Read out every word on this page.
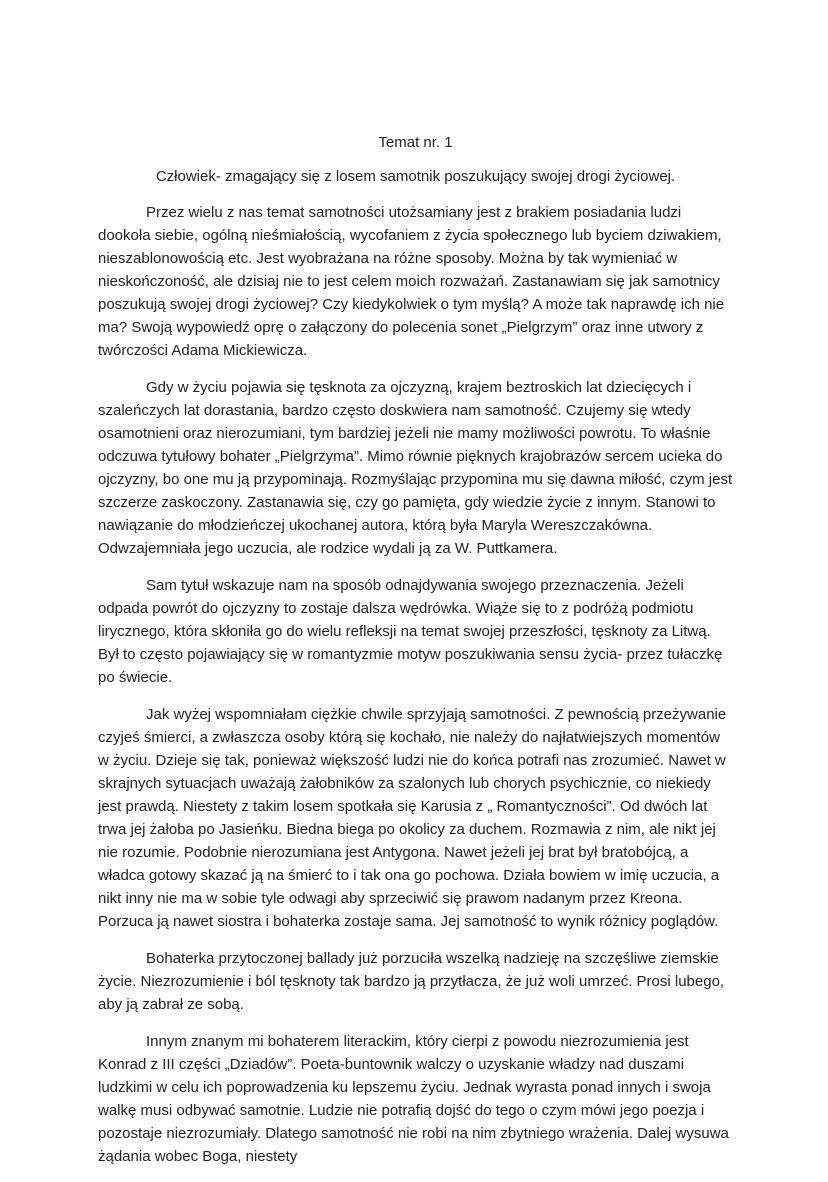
Temat nr. 1
Człowiek- zmagający się z losem samotnik poszukujący swojej drogi życiowej.

Przez wielu z nas temat samotności utożsamiany jest z brakiem posiadania ludzi dookoła siebie, ogólną nieśmiałością, wycofaniem z życia społecznego lub byciem dziwakiem, nieszablonowością etc. Jest wyobrażana na różne sposoby. Można by tak wymieniać w nieskończoność, ale dzisiaj nie to jest celem moich rozważań. Zastanawiam się jak samotnicy poszukują swojej drogi życiowej? Czy kiedykolwiek o tym myślą? A może tak naprawdę ich nie ma? Swoją wypowiedź oprę o załączony do polecenia sonet „Pielgrzym” oraz inne utwory z twórczości Adama Mickiewicza.

Gdy w życiu pojawia się tęsknota za ojczyzną, krajem beztroskich lat dziecięcych i szaleńczych lat dorastania, bardzo często doskwiera nam samotność. Czujemy się wtedy osamotnieni oraz nierozumiani, tym bardziej jeżeli nie mamy możliwości powrotu. To właśnie odczuwa tytułowy bohater „Pielgrzyma”. Mimo równie pięknych krajobrazów sercem ucieka do ojczyzny, bo one mu ją przypominają. Rozmyślając przypomina mu się dawna miłość, czym jest szczerze zaskoczony. Zastanawia się, czy go pamięta, gdy wiedzie życie z innym. Stanowi to nawiązanie do młodzieńczej ukochanej autora, którą była Maryla Wereszczakówna. Odwzajemniała jego uczucia, ale rodzice wydali ją za W. Puttkamera.

Sam tytuł wskazuje nam na sposób odnajdywania swojego przeznaczenia. Jeżeli odpada powrót do ojczyzny to zostaje dalsza wędrówka. Wiąże się to z podróżą podmiotu lirycznego, która skłoniła go do wielu refleksji na temat swojej przeszłości, tęsknoty za Litwą. Był to często pojawiający się w romantyzmie motyw poszukiwania sensu życia- przez tułaczkę po świecie.

Jak wyżej wspomniałam ciężkie chwile sprzyjają samotności. Z pewnością przeżywanie czyjeś śmierci, a zwłaszcza osoby którą się kochało, nie należy do najłatwiejszych momentów w życiu. Dzieje się tak, ponieważ większość ludzi nie do końca potrafi nas zrozumieć. Nawet w skrajnych sytuacjach uważają żałobników za szalonych lub chorych psychicznie, co niekiedy jest prawdą. Niestety z takim losem spotkała się Karusia z „ Romantyczności”. Od dwóch lat trwa jej żałoba po Jasieńku. Biedna biega po okolicy za duchem. Rozmawia z nim, ale nikt jej nie rozumie. Podobnie nierozumiana jest Antygona. Nawet jeżeli jej brat był bratobójcą, a władca gotowy skazać ją na śmierć to i tak ona go pochowa. Działa bowiem w imię uczucia, a nikt inny nie ma w sobie tyle odwagi aby sprzeciwić się prawom nadanym przez Kreona. Porzuca ją nawet siostra i bohaterka zostaje sama. Jej samotność to wynik różnicy poglądów.

Bohaterka przytoczonej ballady już porzuciła wszelką nadzieję na szczęśliwe ziemskie życie. Niezrozumienie i ból tęsknoty tak bardzo ją przytłacza, że już woli umrzeć. Prosi lubego, aby ją zabrał ze sobą.

Innym znanym mi bohaterem literackim, który cierpi z powodu niezrozumienia jest Konrad z III części „Dziadów”. Poeta-buntownik walczy o uzyskanie władzy nad duszami ludzkimi w celu ich poprowadzenia ku lepszemu życiu. Jednak wyrasta ponad innych i swoja walkę musi odbywać samotnie. Ludzie nie potrafią dojść do tego o czym mówi jego poezja i pozostaje niezrozumiały. Dlatego samotność nie robi na nim zbytniego wrażenia. Dalej wysuwa żądania wobec Boga, niestety
